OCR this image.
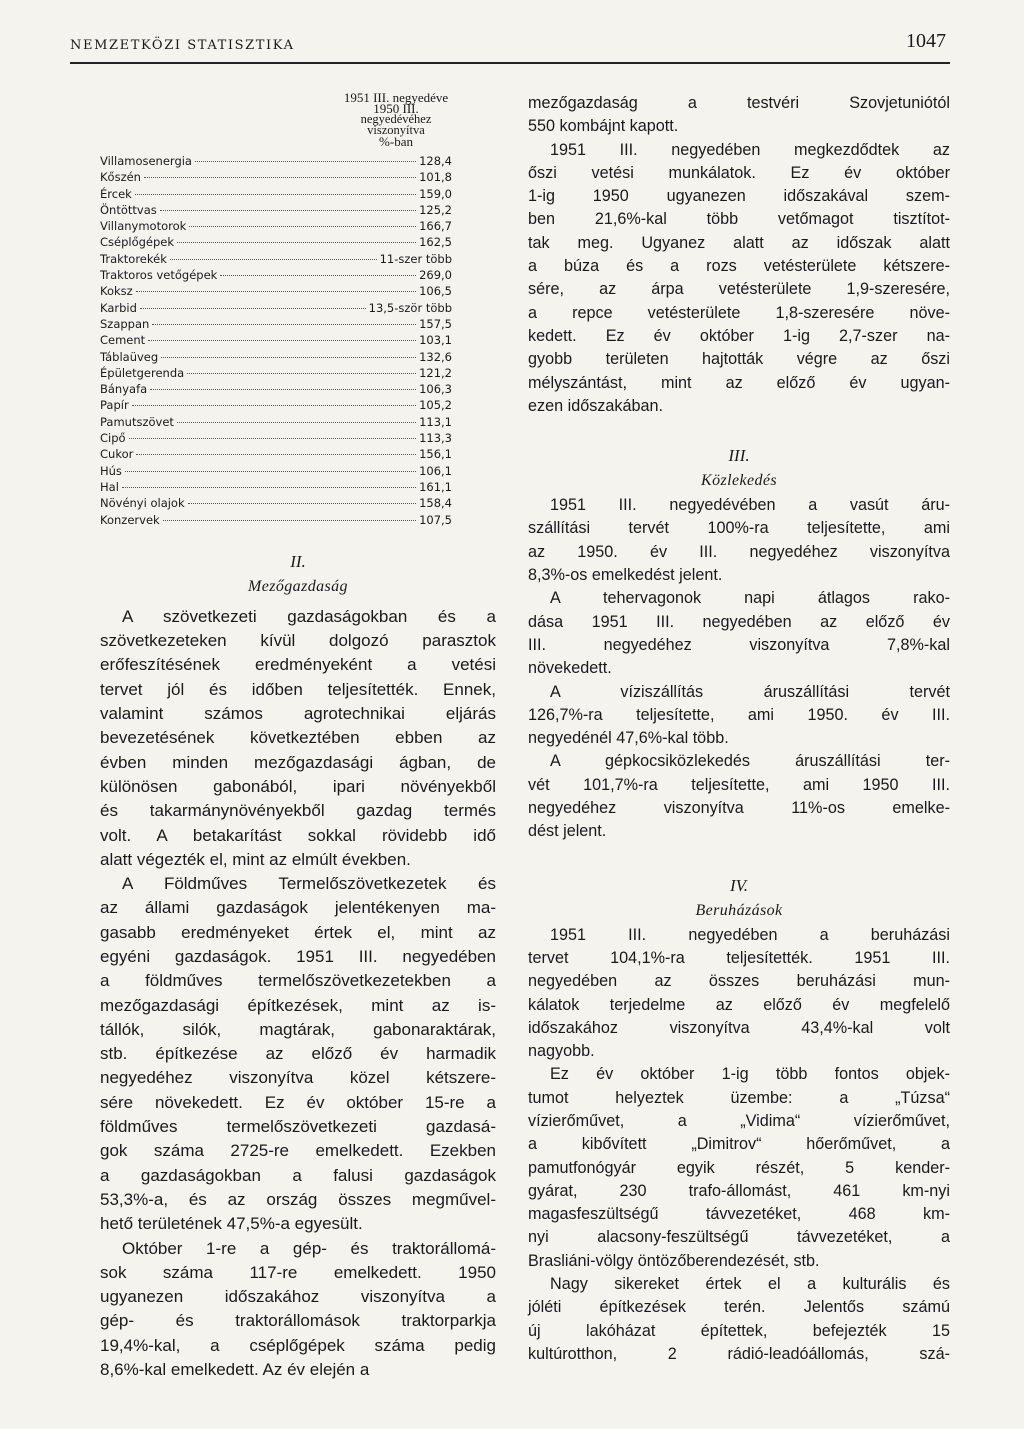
NEMZETKÖZI STATISZTIKA	1047
1951 III. negyedéve
1950 III.
negyedévéhez
viszonyítva
%-ban
Villamosenergia	128,4
Kőszén	101,8
Ércek	159,0
Öntöttvas	125,2
Villanymotorok	166,7
Cséplőgépek	162,5
Traktorekék	11-szer több
Traktoros vetőgépek	269,0
Koksz	106,5
Karbid	13,5-ször több
Szappan	157,5
Cement	103,1
Táblaüveg	132,6
Épületgerenda	121,2
Bányafa	106,3
Papír	105,2
Pamutszövet	113,1
Cipő	113,3
Cukor	156,1
Hús	106,1
Hal	161,1
Növényi olajok	158,4
Konzervek	107,5
II.
Mezőgazdaság
A szövetkezeti gazdaságokban és a
szövetkezeteken kívül dolgozó parasztok
erőfeszítésének eredményeként a vetési
tervet jól és időben teljesítették. Ennek,
valamint számos agrotechnikai eljárás
bevezetésének következtében ebben az
évben minden mezőgazdasági ágban, de
különösen gabonából, ipari növényekből
és takarmánynövényekből gazdag termés
volt. A betakarítást sokkal rövidebb idő
alatt végezték el, mint az elmúlt években.
A Földműves Termelőszövetkezetek és
az állami gazdaságok jelentékenyen ma-
gasabb eredményeket értek el, mint az
egyéni gazdaságok. 1951 III. negyedében
a földműves termelőszövetkezetekben a
mezőgazdasági építkezések, mint az is-
tállók, silók, magtárak, gabonaraktárak,
stb. építkezése az előző év harmadik
negyedéhez viszonyítva közel kétszere-
sére növekedett. Ez év október 15-re a
földműves termelőszövetkezeti gazdasá-
gok száma 2725-re emelkedett. Ezekben
a gazdaságokban a falusi gazdaságok
53,3%-a, és az ország összes megművel-
hető területének 47,5%-a egyesült.
Október 1-re a gép- és traktorállomá-
sok száma 117-re emelkedett. 1950
ugyanezen időszakához viszonyítva a
gép- és traktorállomások traktorparkja
19,4%-kal, a cséplőgépek száma pedig
8,6%-kal emelkedett. Az év elején a
mezőgazdaság a testvéri Szovjetuniótól
550 kombájnt kapott.
1951 III. negyedében megkezdődtek az
őszi vetési munkálatok. Ez év október
1-ig 1950 ugyanezen időszakával szem-
ben 21,6%-kal több vetőmagot tisztítot-
tak meg. Ugyanez alatt az időszak alatt
a búza és a rozs vetésterülete kétszere-
sére, az árpa vetésterülete 1,9-szeresére,
a repce vetésterülete 1,8-szeresére növe-
kedett. Ez év október 1-ig 2,7-szer na-
gyobb területen hajtották végre az őszi
mélyszántást, mint az előző év ugyan-
ezen időszakában.
III.
Közlekedés
1951 III. negyedévében a vasút áru-
szállítási tervét 100%-ra teljesítette, ami
az 1950. év III. negyedéhez viszonyítva
8,3%-os emelkedést jelent.
A tehervagonok napi átlagos rako-
dása 1951 III. negyedében az előző év
III. negyedéhez viszonyítva 7,8%-kal
növekedett.
A víziszállítás áruszállítási tervét
126,7%-ra teljesítette, ami 1950. év III.
negyedénél 47,6%-kal több.
A gépkocsiközlekedés áruszállítási ter-
vét 101,7%-ra teljesítette, ami 1950 III.
negyedéhez viszonyítva 11%-os emelke-
dést jelent.
IV.
Beruházások
1951 III. negyedében a beruházási
tervet 104,1%-ra teljesítették. 1951 III.
negyedében az összes beruházási mun-
kálatok terjedelme az előző év megfelelő
időszakához viszonyítva 43,4%-kal volt
nagyobb.
Ez év október 1-ig több fontos objek-
tumot helyeztek üzembe: a „Túzsa“
vízierőművet, a „Vidima“ vízierőművet,
a kibővített „Dimitrov“ hőerőművet, a
pamutfonógyár egyik részét, 5 kender-
gyárat, 230 trafo-állomást, 461 km-nyi
magasfeszültségű távvezetéket, 468 km-
nyi alacsony-feszültségű távvezetéket, a
Brasliáni-völgy öntözőberendezését, stb.
Nagy sikereket értek el a kulturális és
jóléti építkezések terén. Jelentős számú
új lakóházat építettek, befejezték 15
kultúrotthon, 2 rádió-leadóállomás, szá-
